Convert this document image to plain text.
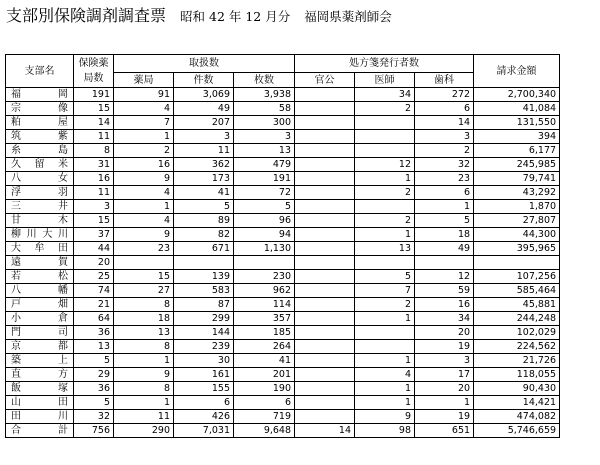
支部別保険調剤調査票 昭和 42 年 12 月分 福岡県薬剤師会
支部名	保険薬局数	取扱数			処方箋発行者数			請求金額
		薬局	件数	枚数	官公	医師	歯科	
福岡	191	91	3,069	3,938		34	272	2,700,340
宗像	15	4	49	58		2	6	41,084
粕屋	14	7	207	300			14	131,550
筑紫	11	1	3	3			3	394
糸島	8	2	11	13			2	6,177
久留米	31	16	362	479		12	32	245,985
八女	16	9	173	191		1	23	79,741
浮羽	11	4	41	72		2	6	43,292
三井	3	1	5	5			1	1,870
甘木	15	4	89	96		2	5	27,807
柳川大川	37	9	82	94		1	18	44,300
大牟田	44	23	671	1,130		13	49	395,965
遠賀	20							
若松	25	15	139	230		5	12	107,256
八幡	74	27	583	962		7	59	585,464
戸畑	21	8	87	114		2	16	45,881
小倉	64	18	299	357		1	34	244,248
門司	36	13	144	185			20	102,029
京都	13	8	239	264			19	224,562
築上	5	1	30	41		1	3	21,726
直方	29	9	161	201		4	17	118,055
飯塚	36	8	155	190		1	20	90,430
山田	5	1	6	6		1	1	14,421
田川	32	11	426	719		9	19	474,082
合計	756	290	7,031	9,648	14	98	651	5,746,659
